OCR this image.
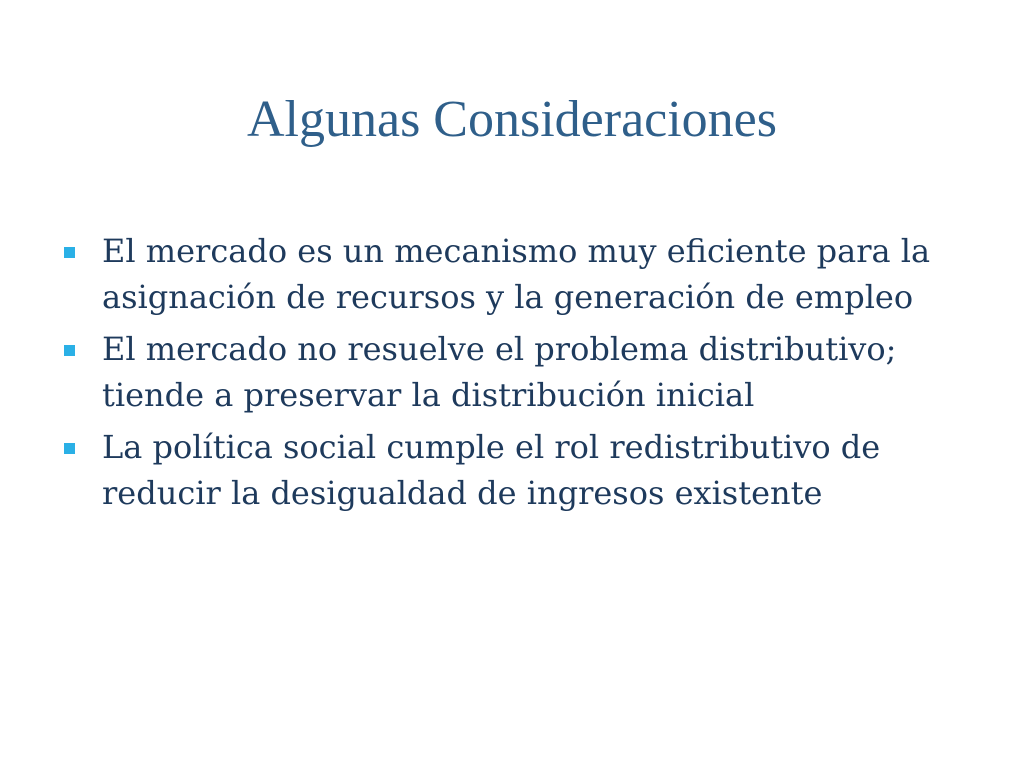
Algunas Consideraciones
El mercado es un mecanismo muy eficiente para la asignación de recursos y la generación de empleo
El mercado no resuelve el problema distributivo; tiende a preservar la distribución inicial
La política social cumple el rol redistributivo de reducir la desigualdad de ingresos existente
